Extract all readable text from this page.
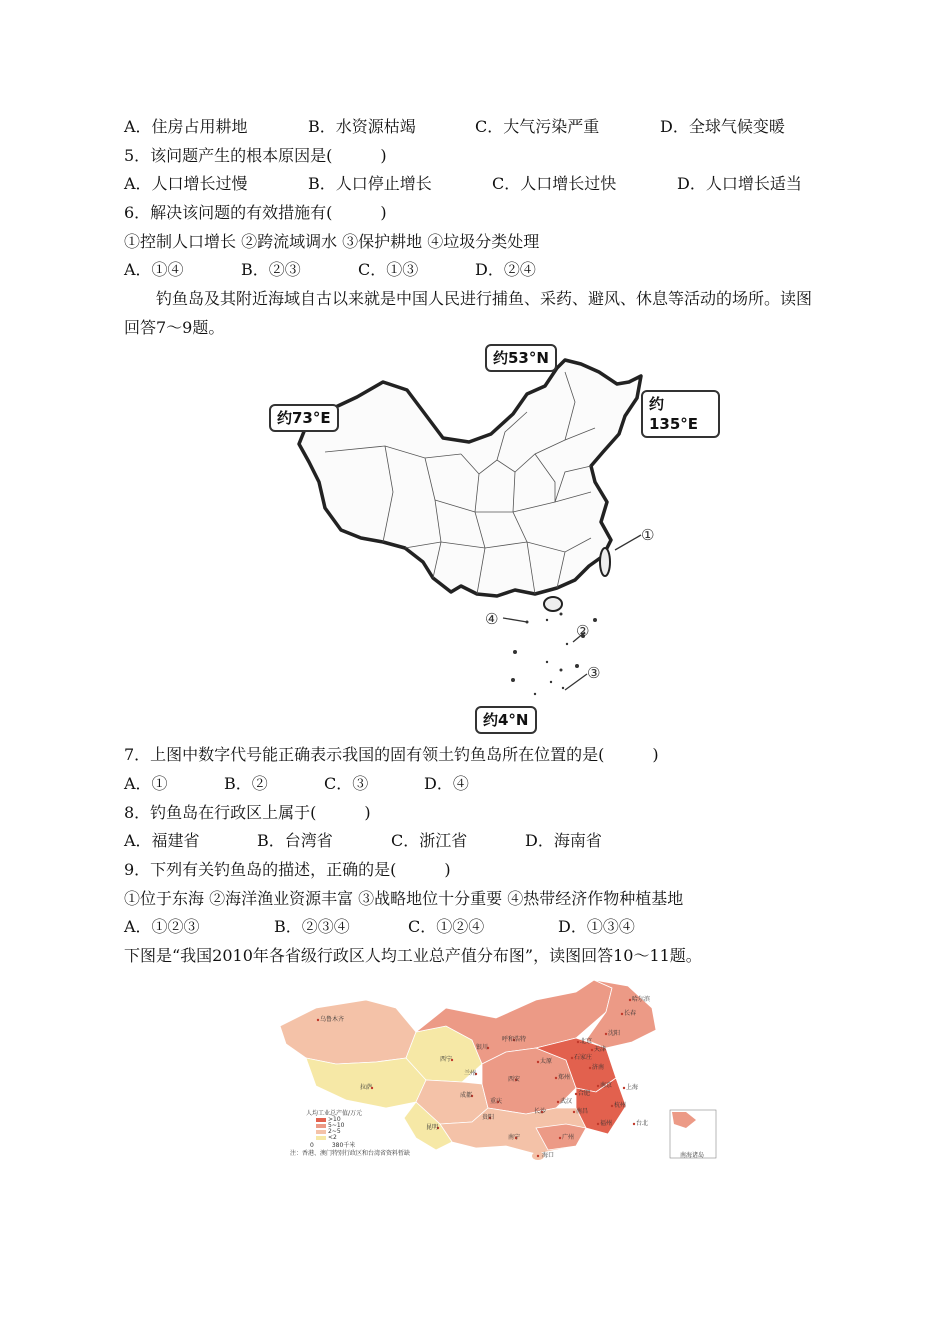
A．住房占用耕地	B．水资源枯竭	C．大气污染严重	D．全球气候变暖
5．该问题产生的根本原因是(　　　)
A．人口增长过慢	B．人口停止增长	C．人口增长过快	D．人口增长适当
6．解决该问题的有效措施有(　　　)
①控制人口增长 ②跨流域调水 ③保护耕地 ④垃圾分类处理
A．①④	B．②③	C．①③	D．②④
钓鱼岛及其附近海域自古以来就是中国人民进行捕鱼、采药、避风、休息等活动的场所。读图回答7～9题。
约53°N
约73°E
约135°E
约4°N
①
②
③
④
7．上图中数字代号能正确表示我国的固有领土钓鱼岛所在位置的是(　　　)
A．①	B．②	C．③	D．④
8．钓鱼岛在行政区上属于(　　　)
A．福建省	B．台湾省	C．浙江省	D．海南省
9．下列有关钓鱼岛的描述，正确的是(　　　)
①位于东海 ②海洋渔业资源丰富 ③战略地位十分重要 ④热带经济作物种植基地
A．①②③	B．②③④	C．①②④	D．①③④
下图是“我国2010年各省级行政区人均工业总产值分布图”，读图回答10～11题。
乌鲁木齐
哈尔滨
长春
呼和浩特	北京
沈阳
天津
石家庄
银川
太原
济南
西宁
兰州
郑州
上海
西安
南京
合肥
拉萨
成都
武汉
杭州
重庆
长沙	南昌
贵阳
福州	台北
昆明
南宁	广州
海口
人均工业总产值/万元
>10
5~10
2~5
<2
0　　　380千米
注：香港、澳门特别行政区和台湾省资料暂缺	南海诸岛
